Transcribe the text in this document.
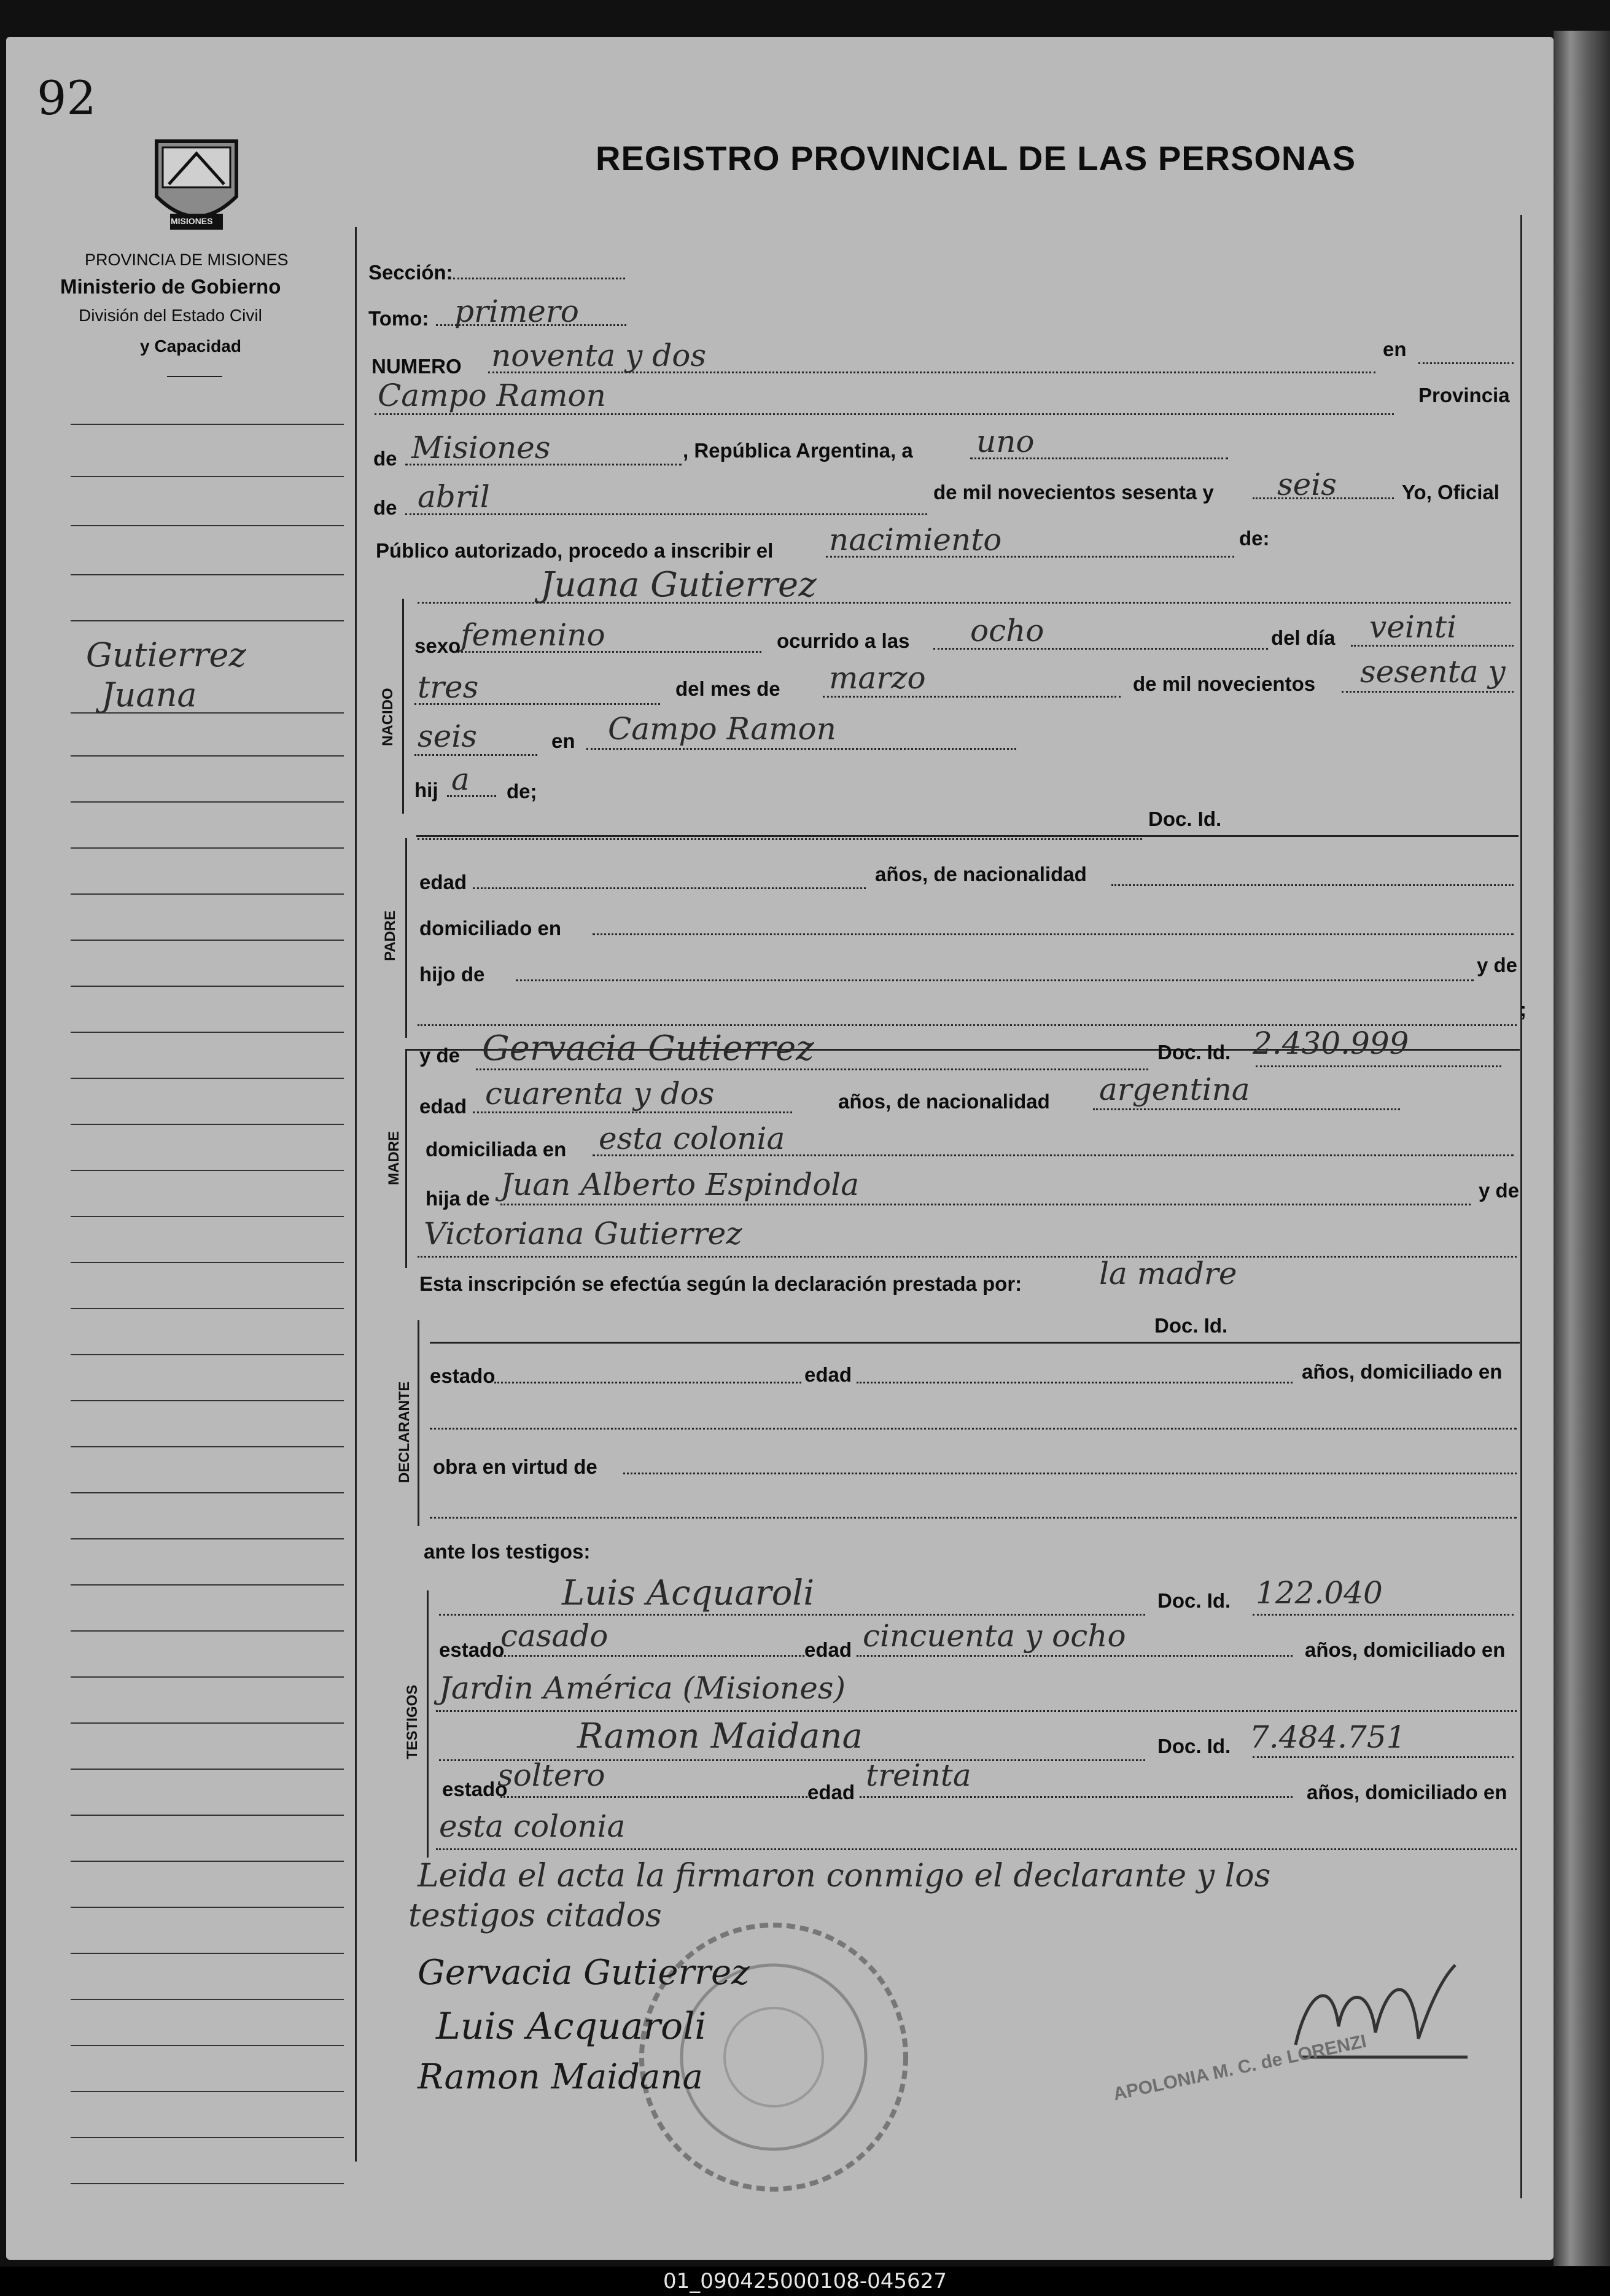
92
MISIONES
REGISTRO PROVINCIAL DE LAS PERSONAS
PROVINCIA DE MISIONES
Ministerio de Gobierno
División del Estado Civil
y Capacidad
Gutierrez
Juana
Sección:
Tomo: primero
NUMERO noventa y dos	en
Campo Ramon	Provincia
de Misiones	, República Argentina, a uno
de abril	de mil novecientos sesenta y seis	Yo, Oficial
Público autorizado, procedo a inscribir el nacimiento	de:
NACIDO
Juana Gutierrez
sexo femenino	ocurrido a las ocho	del día veinti
tres	del mes de marzo	de mil novecientos sesenta y
seis	en Campo Ramon
hij a de;
Doc. Id.
PADRE
edad	años, de nacionalidad
domiciliado en
hijo de	y de
;
MADRE
y de Gervacia Gutierrez	Doc. Id. 2.430.999
edad cuarenta y dos	años, de nacionalidad argentina
domiciliada en esta colonia
hija de Juan Alberto Espindola	y de
Victoriana Gutierrez
Esta inscripción se efectúa según la declaración prestada por:	la madre
DECLARANTE
Doc. Id.
estado	edad	años, domiciliado en
obra en virtud de
ante los testigos:
TESTIGOS
Luis Acquaroli	Doc. Id. 122.040
estado
casado	edad cincuenta y ocho	años, domiciliado en
Jardin América (Misiones)
Ramon Maidana	Doc. Id. 7.484.751
estado
soltero	edad treinta	años, domiciliado en
esta colonia
Leida el acta la firmaron conmigo el declarante y los
testigos citados
Gervacia Gutierrez
Luis Acquaroli
Ramon Maidana	APOLONIA M. C. de LORENZI
01_090425000108-045627
